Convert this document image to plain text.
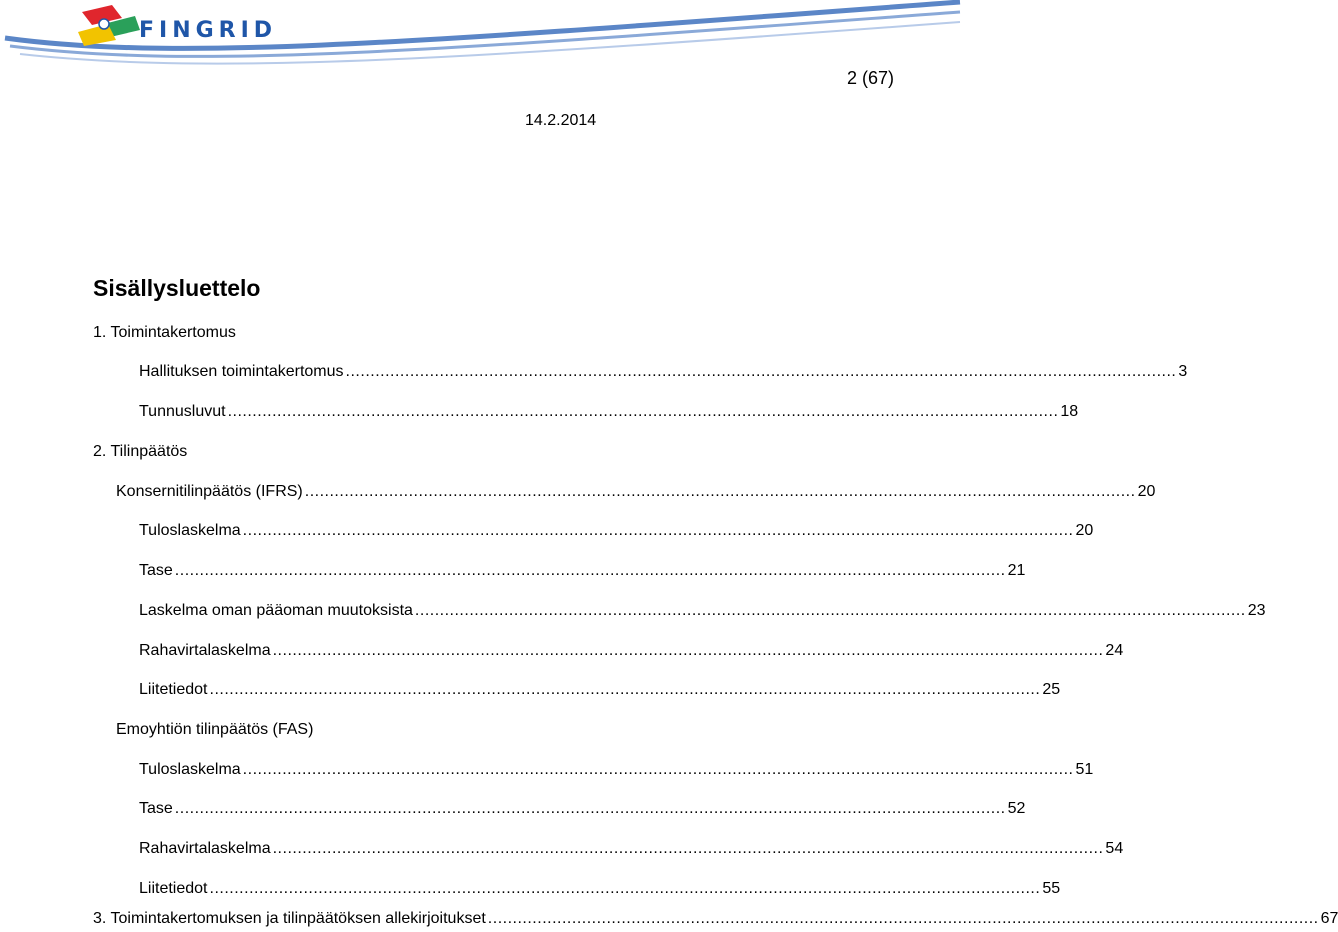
FINGRID
2 (67)
14.2.2014
Sisällysluettelo
1. Toimintakertomus
Hallituksen toimintakertomus ........................................................................................................................................................................ 3
Tunnusluvut ........................................................................................................................................................................ 18
2. Tilinpäätös
Konsernitilinpäätös (IFRS) ........................................................................................................................................................................ 20
Tuloslaskelma ........................................................................................................................................................................ 20
Tase ........................................................................................................................................................................ 21
Laskelma oman pääoman muutoksista ........................................................................................................................................................................ 23
Rahavirtalaskelma ........................................................................................................................................................................ 24
Liitetiedot ........................................................................................................................................................................ 25
Emoyhtiön tilinpäätös (FAS)
Tuloslaskelma ........................................................................................................................................................................ 51
Tase ........................................................................................................................................................................ 52
Rahavirtalaskelma ........................................................................................................................................................................ 54
Liitetiedot ........................................................................................................................................................................ 55
3. Toimintakertomuksen ja tilinpäätöksen allekirjoitukset ........................................................................................................................................................................ 67
